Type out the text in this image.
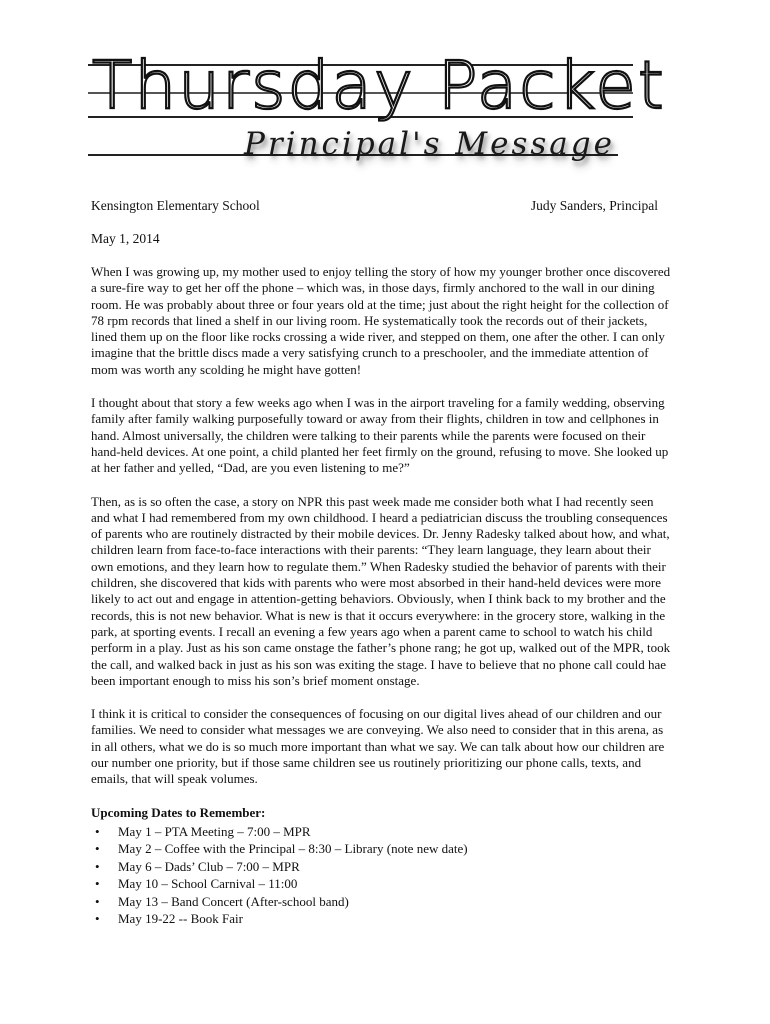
Thursday Packet
Principal's Message
Kensington Elementary School	Judy Sanders, Principal
May 1, 2014

When I was growing up, my mother used to enjoy telling the story of how my younger brother once discovered a sure-fire way to get her off the phone – which was, in those days, firmly anchored to the wall in our dining room. He was probably about three or four years old at the time; just about the right height for the collection of 78 rpm records that lined a shelf in our living room. He systematically took the records out of their jackets, lined them up on the floor like rocks crossing a wide river, and stepped on them, one after the other. I can only imagine that the brittle discs made a very satisfying crunch to a preschooler, and the immediate attention of mom was worth any scolding he might have gotten!

I thought about that story a few weeks ago when I was in the airport traveling for a family wedding, observing family after family walking purposefully toward or away from their flights, children in tow and cellphones in hand. Almost universally, the children were talking to their parents while the parents were focused on their hand-held devices. At one point, a child planted her feet firmly on the ground, refusing to move. She looked up at her father and yelled, “Dad, are you even listening to me?”

Then, as is so often the case, a story on NPR this past week made me consider both what I had recently seen and what I had remembered from my own childhood. I heard a pediatrician discuss the troubling consequences of parents who are routinely distracted by their mobile devices. Dr. Jenny Radesky talked about how, and what, children learn from face-to-face interactions with their parents: “They learn language, they learn about their own emotions, and they learn how to regulate them.” When Radesky studied the behavior of parents with their children, she discovered that kids with parents who were most absorbed in their hand-held devices were more likely to act out and engage in attention-getting behaviors. Obviously, when I think back to my brother and the records, this is not new behavior. What is new is that it occurs everywhere: in the grocery store, walking in the park, at sporting events. I recall an evening a few years ago when a parent came to school to watch his child perform in a play. Just as his son came onstage the father’s phone rang; he got up, walked out of the MPR, took the call, and walked back in just as his son was exiting the stage. I have to believe that no phone call could hae been important enough to miss his son’s brief moment onstage.

I think it is critical to consider the consequences of focusing on our digital lives ahead of our children and our families. We need to consider what messages we are conveying. We also need to consider that in this arena, as in all others, what we do is so much more important than what we say. We can talk about how our children are our number one priority, but if those same children see us routinely prioritizing our phone calls, texts, and emails, that will speak volumes.

Upcoming Dates to Remember:
• May 1 – PTA Meeting – 7:00 – MPR
• May 2 – Coffee with the Principal – 8:30 – Library (note new date)
• May 6 – Dads’ Club – 7:00 – MPR
• May 10 – School Carnival – 11:00
• May 13 – Band Concert (After-school band)
• May 19-22 -- Book Fair
